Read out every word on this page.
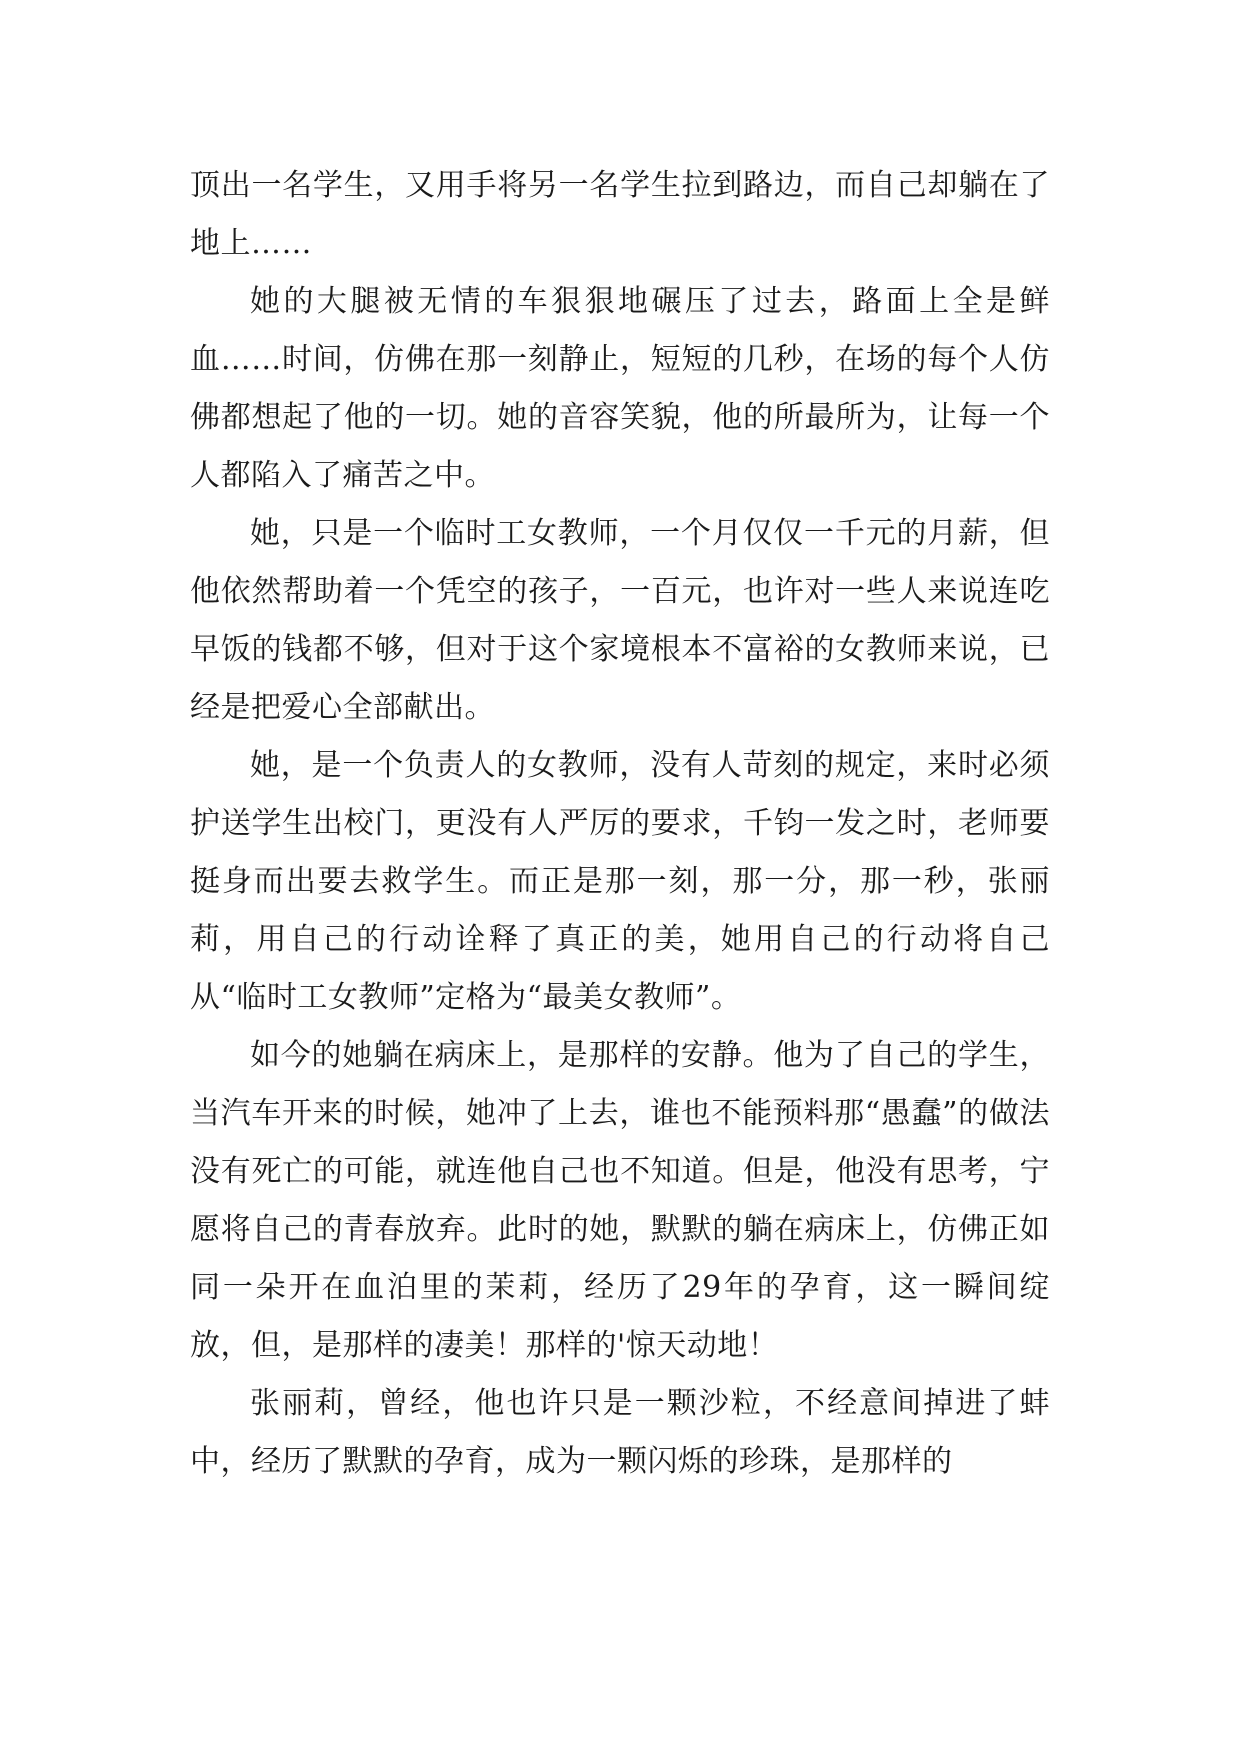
顶出一名学生，又用手将另一名学生拉到路边，而自己却躺在了地上……

她的大腿被无情的车狠狠地碾压了过去，路面上全是鲜血……时间，仿佛在那一刻静止，短短的几秒，在场的每个人仿佛都想起了他的一切。她的音容笑貌，他的所最所为，让每一个人都陷入了痛苦之中。

她，只是一个临时工女教师，一个月仅仅一千元的月薪，但他依然帮助着一个凭空的孩子，一百元，也许对一些人来说连吃早饭的钱都不够，但对于这个家境根本不富裕的女教师来说，已经是把爱心全部献出。

她，是一个负责人的女教师，没有人苛刻的规定，来时必须护送学生出校门，更没有人严厉的要求，千钧一发之时，老师要挺身而出要去救学生。而正是那一刻，那一分，那一秒，张丽莉，用自己的行动诠释了真正的美，她用自己的行动将自己从“临时工女教师”定格为“最美女教师”。

如今的她躺在病床上，是那样的安静。他为了自己的学生，当汽车开来的时候，她冲了上去，谁也不能预料那“愚蠢”的做法没有死亡的可能，就连他自己也不知道。但是，他没有思考，宁愿将自己的青春放弃。此时的她，默默的躺在病床上，仿佛正如同一朵开在血泊里的茉莉，经历了29年的孕育，这一瞬间绽放，但，是那样的凄美！那样的'惊天动地！

张丽莉，曾经，他也许只是一颗沙粒，不经意间掉进了蚌中，经历了默默的孕育，成为一颗闪烁的珍珠，是那样的
